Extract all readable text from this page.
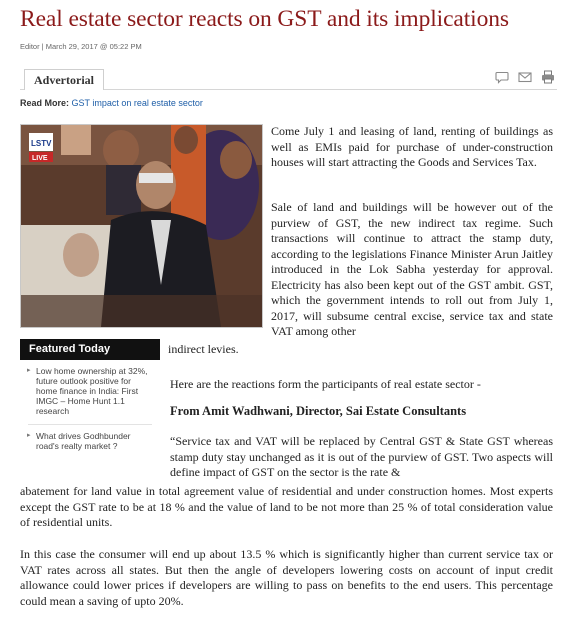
Real estate sector reacts on GST and its implications
Editor | March 29, 2017 @ 05:22 PM
Advertorial
Read More: GST impact on real estate sector
LSTV
LIVE
Come July 1 and leasing of land, renting of buildings as well as EMIs paid for purchase of under-construction houses will start attracting the Goods and Services Tax.
Sale of land and buildings will be however out of the purview of GST, the new indirect tax regime. Such transactions will continue to attract the stamp duty, according to the legislations Finance Minister Arun Jaitley introduced in the Lok Sabha yesterday for approval. Electricity has also been kept out of the GST ambit. GST, which the government intends to roll out from July 1, 2017, will subsume central excise, service tax and state VAT among other
indirect levies.
Featured Today
▸ Low home ownership at 32%, future outlook positive for home finance in India: First IMGC – Home Hunt 1.1 research
▸ What drives Godhbunder road's realty market ?
Here are the reactions form the participants of real estate sector -
From Amit Wadhwani, Director, Sai Estate Consultants
“Service tax and VAT will be replaced by Central GST & State GST whereas stamp duty stay unchanged as it is out of the purview of GST. Two aspects will define impact of GST on the sector is the rate &
abatement for land value in total agreement value of residential and under construction homes. Most experts except the GST rate to be at 18 % and the value of land to be not more than 25 % of total consideration value of residential units.
In this case the consumer will end up about 13.5 % which is significantly higher than current service tax or VAT rates across all states. But then the angle of developers lowering costs on account of input credit allowance could lower prices if developers are willing to pass on benefits to the end users. This percentage could mean a saving of upto 20%.
